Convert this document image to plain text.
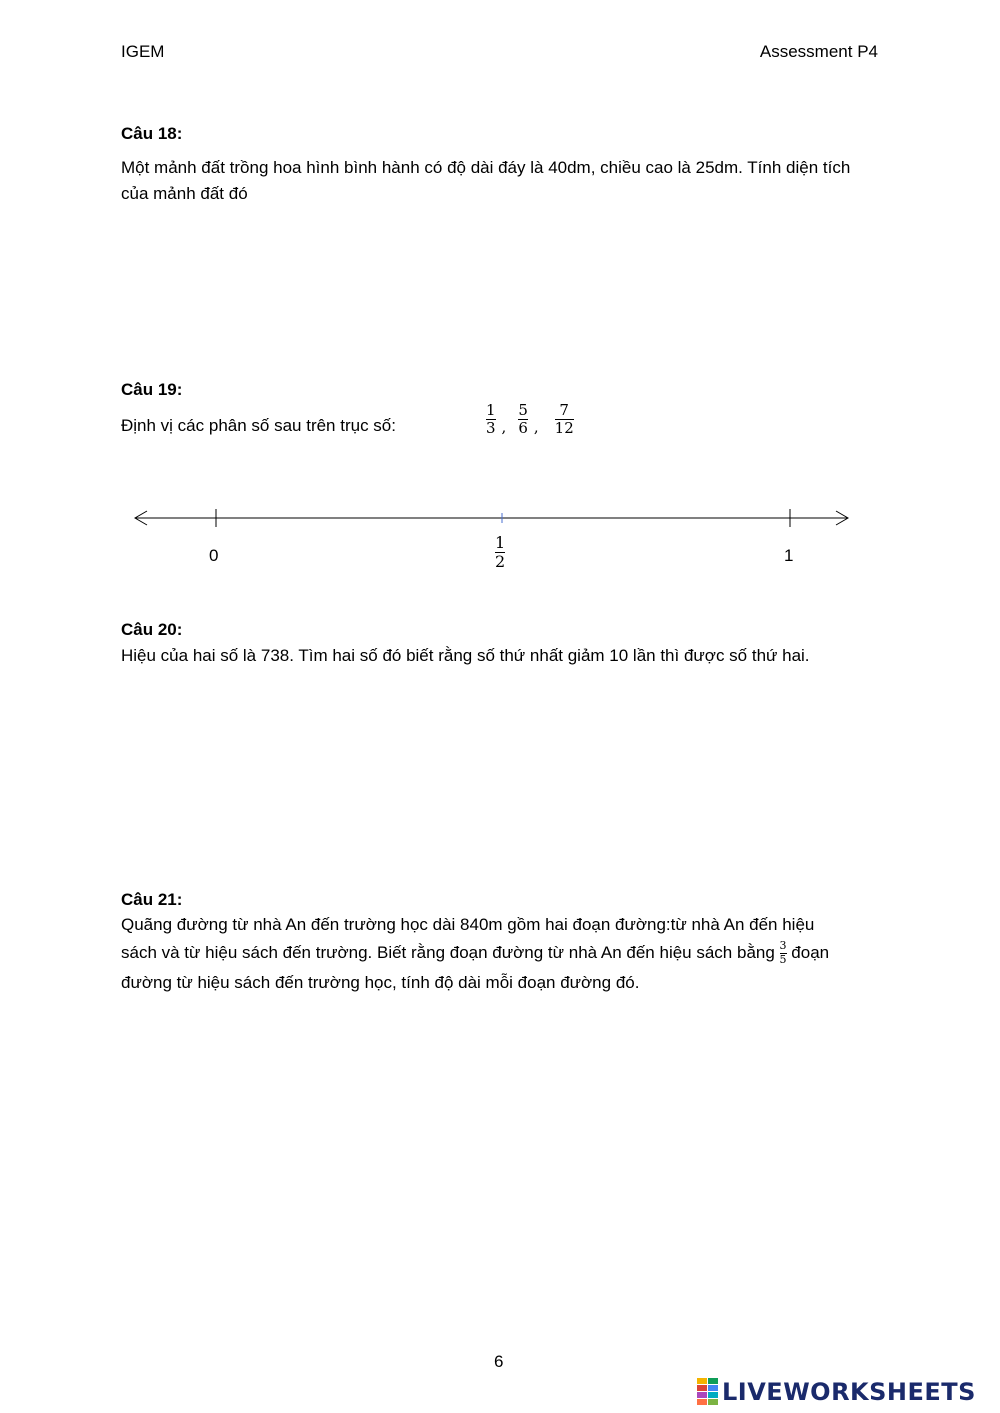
IGEM	Assessment P4
Câu 18:
Một mảnh đất trồng hoa hình bình hành có độ dài đáy là 40dm, chiều cao là 25dm. Tính diện tích của mảnh đất đó
Câu 19:
Định vị các phân số sau trên trục số:	$\frac{1}{3}$ , $\frac{5}{6}$ , $\frac{7}{12}$
0
1
2	1
Câu 20:
Hiệu của hai số là 738. Tìm hai số đó biết rằng số thứ nhất giảm 10 lần thì được số thứ hai.
Câu 21:
Quãng đường từ nhà An đến trường học dài 840m gồm hai đoạn đường:từ nhà An đến hiệu
sách và từ hiệu sách đến trường. Biết rằng đoạn đường từ nhà An đến hiệu sách bằng $\frac{3}{5}$ đoạn
đường từ hiệu sách đến trường học, tính độ dài mỗi đoạn đường đó.
6
LIVEWORKSHEETS
